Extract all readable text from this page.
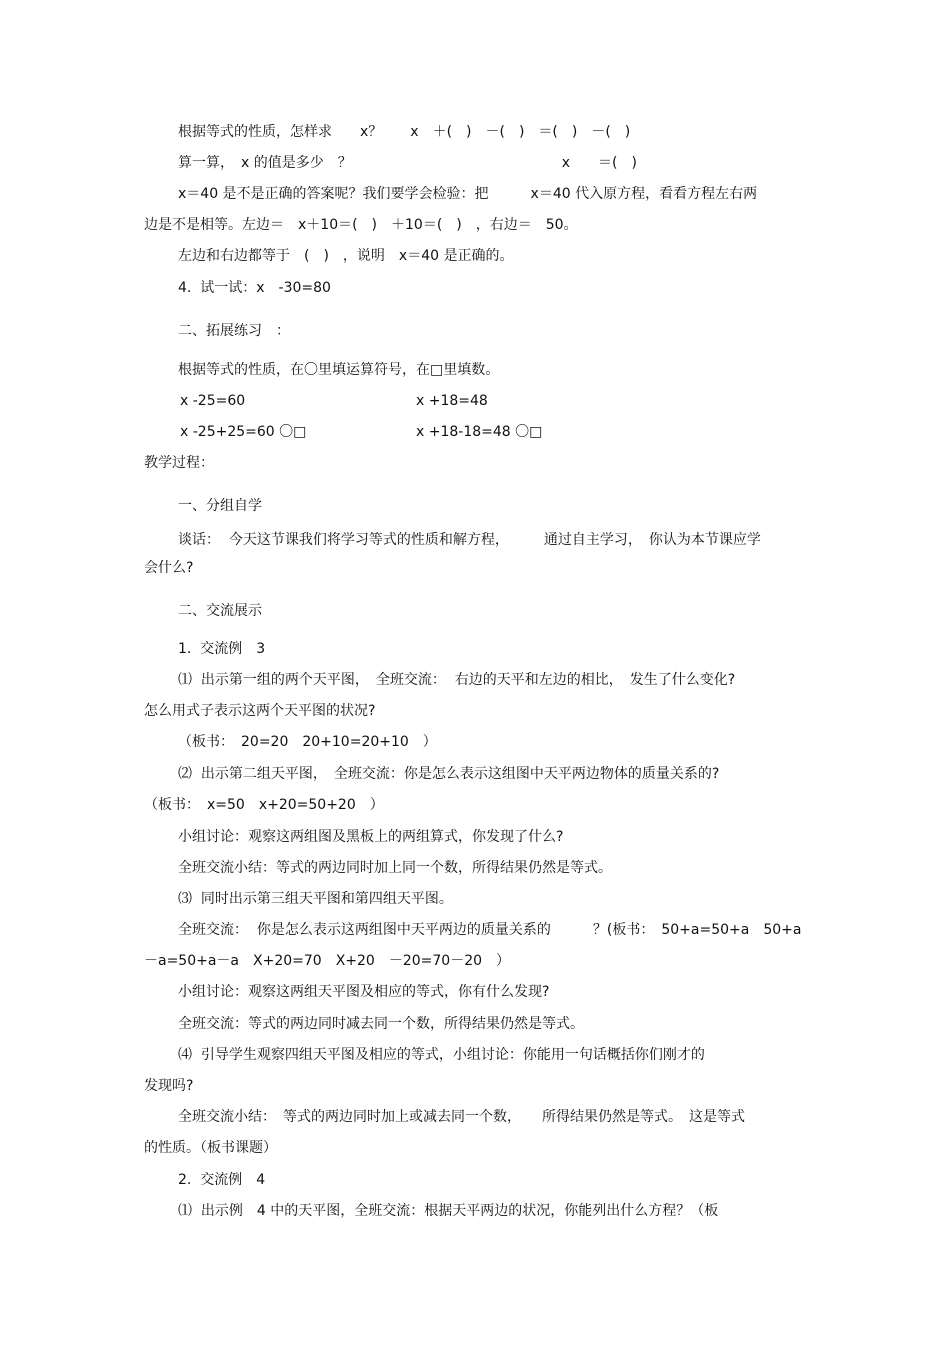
根据等式的性质，怎样求　　x？　　x　＋(　)　－(　)　＝(　)　－(　)
算一算，　x 的值是多少　？　　　　　　　　　　　　　　　x　　＝(　)
x＝40 是不是正确的答案呢？我们要学会检验：把　　　x＝40 代入原方程，看看方程左右两
边是不是相等。左边＝　x＋10＝(　)　＋10＝(　)　，右边＝　50。
左边和右边都等于　(　)　，说明　x＝40 是正确的。
4.  试一试：x　-30=80
二、拓展练习　：
根据等式的性质，在〇里填运算符号，在□里填数。
x -25=60	x +18=48
x -25+25=60 〇□	x +18-18=48 〇□
教学过程：
一、分组自学
谈话：  今天这节课我们将学习等式的性质和解方程，　　　通过自主学习，　你认为本节课应学
会什么?
二、交流展示
1.  交流例　3
⑴  出示第一组的两个天平图，　全班交流：  右边的天平和左边的相比，　发生了什么变化?
怎么用式子表示这两个天平图的状况?
（板书：　20=20　20+10=20+10　）
⑵  出示第二组天平图，　全班交流：你是怎么表示这组图中天平两边物体的质量关系的?
（板书：　x=50　x+20=50+20　）
小组讨论：观察这两组图及黑板上的两组算式，你发现了什么?
全班交流小结：等式的两边同时加上同一个数，所得结果仍然是等式。
⑶  同时出示第三组天平图和第四组天平图。
全班交流：  你是怎么表示这两组图中天平两边的质量关系的　　　？(板书：　50+a=50+a　50+a
－a=50+a－a　X+20=70　X+20　－20=70－20　）
小组讨论：观察这两组天平图及相应的等式，你有什么发现?
全班交流：等式的两边同时减去同一个数，所得结果仍然是等式。
⑷  引导学生观察四组天平图及相应的等式，小组讨论：你能用一句话概括你们刚才的
发现吗?
全班交流小结：　等式的两边同时加上或减去同一个数，　　所得结果仍然是等式。　这是等式
的性质。（板书课题）
2.  交流例　4
⑴  出示例　4 中的天平图，全班交流：根据天平两边的状况，你能列出什么方程？（板
